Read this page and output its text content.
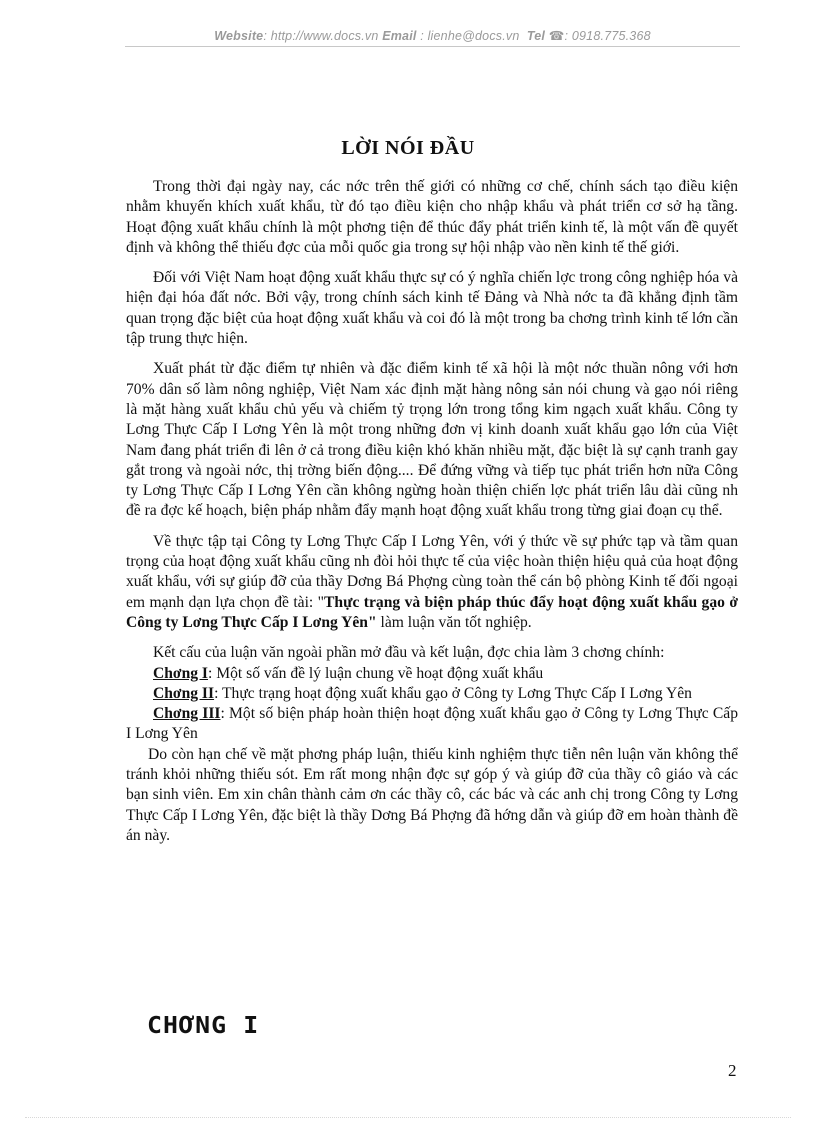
Website: http://www.docs.vn Email : lienhe@docs.vn Tel ☎: 0918.775.368
LỜI NÓI ĐẦU

Trong thời đại ngày nay, các nớc trên thế giới có những cơ chế, chính sách tạo điều kiện nhằm khuyến khích xuất khẩu, từ đó tạo điều kiện cho nhập khẩu và phát triển cơ sở hạ tầng. Hoạt động xuất khẩu chính là một phơng tiện để thúc đẩy phát triển kinh tế, là một vấn đề quyết định và không thể thiếu đợc của mỗi quốc gia trong sự hội nhập vào nền kinh tế thế giới.

Đối với Việt Nam hoạt động xuất khẩu thực sự có ý nghĩa chiến lợc trong công nghiệp hóa và hiện đại hóa đất nớc. Bởi vậy, trong chính sách kinh tế Đảng và Nhà nớc ta đã khẳng định tầm quan trọng đặc biệt của hoạt động xuất khẩu và coi đó là một trong ba chơng trình kinh tế lớn cần tập trung thực hiện.

Xuất phát từ đặc điểm tự nhiên và đặc điểm kinh tế xã hội là một nớc thuần nông với hơn 70% dân số làm nông nghiệp, Việt Nam xác định mặt hàng nông sản nói chung và gạo nói riêng là mặt hàng xuất khẩu chủ yếu và chiếm tỷ trọng lớn trong tổng kim ngạch xuất khẩu. Công ty Lơng Thực Cấp I Lơng Yên là một trong những đơn vị kinh doanh xuất khẩu gạo lớn của Việt Nam đang phát triển đi lên ở cả trong điều kiện khó khăn nhiều mặt, đặc biệt là sự cạnh tranh gay gắt trong và ngoài nớc, thị trờng biến động.... Để đứng vững và tiếp tục phát triển hơn nữa Công ty Lơng Thực Cấp I Lơng Yên cần không ngừng hoàn thiện chiến lợc phát triển lâu dài cũng nh đề ra đợc kế hoạch, biện pháp nhằm đẩy mạnh hoạt động xuất khẩu trong từng giai đoạn cụ thể.

Về thực tập tại Công ty Lơng Thực Cấp I Lơng Yên, với ý thức về sự phức tạp và tầm quan trọng của hoạt động xuất khẩu cũng nh đòi hỏi thực tế của việc hoàn thiện hiệu quả của hoạt động xuất khẩu, với sự giúp đỡ của thầy Dơng Bá Phợng cùng toàn thể cán bộ phòng Kinh tế đối ngoại em mạnh dạn lựa chọn đề tài: "Thực trạng và biện pháp thúc đẩy hoạt động xuất khẩu gạo ở Công ty Lơng Thực Cấp I Lơng Yên" làm luận văn tốt nghiệp.

Kết cấu của luận văn ngoài phần mở đầu và kết luận, đợc chia làm 3 chơng chính:

Chơng I: Một số vấn đề lý luận chung về hoạt động xuất khẩu

Chơng II: Thực trạng hoạt động xuất khẩu gạo ở Công ty Lơng Thực Cấp I Lơng Yên

Chơng III: Một số biện pháp hoàn thiện hoạt động xuất khẩu gạo ở Công ty Lơng Thực Cấp I Lơng Yên

Do còn hạn chế về mặt phơng pháp luận, thiếu kinh nghiệm thực tiễn nên luận văn không thể tránh khỏi những thiếu sót. Em rất mong nhận đợc sự góp ý và giúp đỡ của thầy cô giáo và các bạn sinh viên. Em xin chân thành cảm ơn các thầy cô, các bác và các anh chị trong Công ty Lơng Thực Cấp I Lơng Yên, đặc biệt là thầy Dơng Bá Phợng đã hớng dẫn và giúp đỡ em hoàn thành đề án này.

CHƠNG I
2
